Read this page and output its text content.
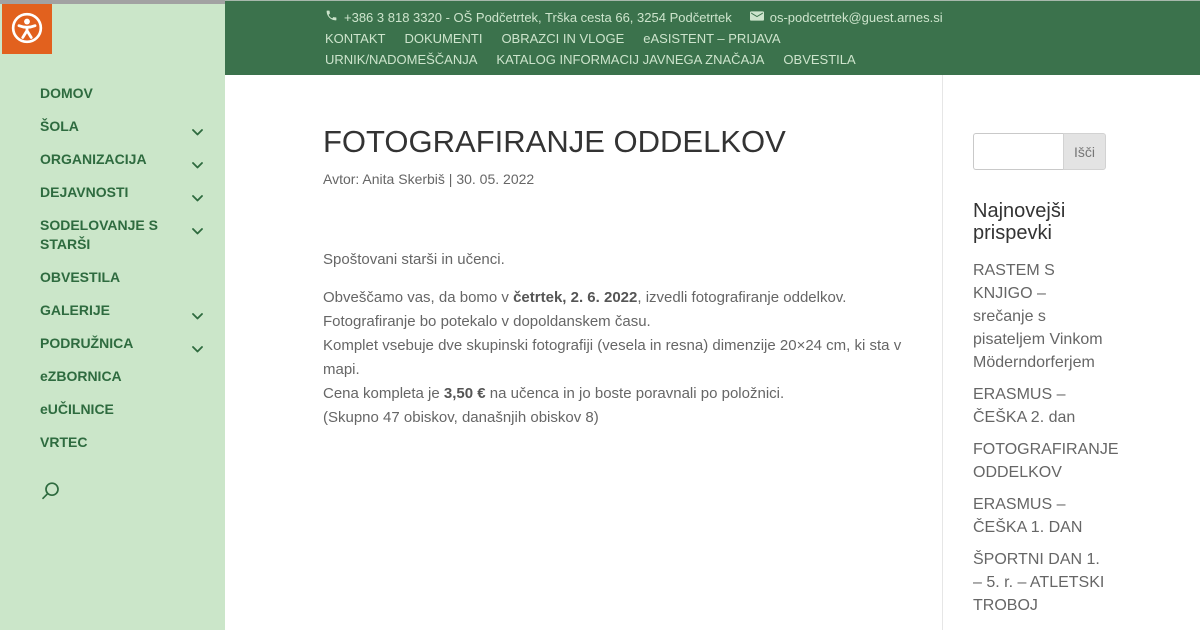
DOMOV
ŠOLA
ORGANIZACIJA
DEJAVNOSTI
SODELOVANJE S STARŠI
OBVESTILA
GALERIJE
PODRUŽNICA
eZBORNICA
eUČILNICE
VRTEC
+386 3 818 3320 - OŠ Podčetrtek, Trška cesta 66, 3254 Podčetrtek	os-podcetrtek@guest.arnes.si
KONTAKT DOKUMENTI OBRAZCI IN VLOGE eASISTENT – PRIJAVA
URNIK/NADOMEŠČANJA KATALOG INFORMACIJ JAVNEGA ZNAČAJA OBVESTILA
FOTOGRAFIRANJE ODDELKOV
Avtor: Anita Skerbiš | 30. 05. 2022

Spoštovani starši in učenci.

Obveščamo vas, da bomo v četrtek, 2. 6. 2022, izvedli fotografiranje oddelkov.
Fotografiranje bo potekalo v dopoldanskem času.
Komplet vsebuje dve skupinski fotografiji (vesela in resna) dimenzije 20×24 cm, ki sta v mapi.
Cena kompleta je 3,50 € na učenca in jo boste poravnali po položnici.
(Skupno 47 obiskov, današnjih obiskov 8)

Išči
Najnovejši prispevki
RASTEM S KNJIGO – srečanje s pisateljem Vinkom Möderndorferjem
ERASMUS – ČEŠKA 2. dan
FOTOGRAFIRANJE ODDELKOV
ERASMUS – ČEŠKA 1. DAN
ŠPORTNI DAN 1. – 5. r. – ATLETSKI TROBOJ
